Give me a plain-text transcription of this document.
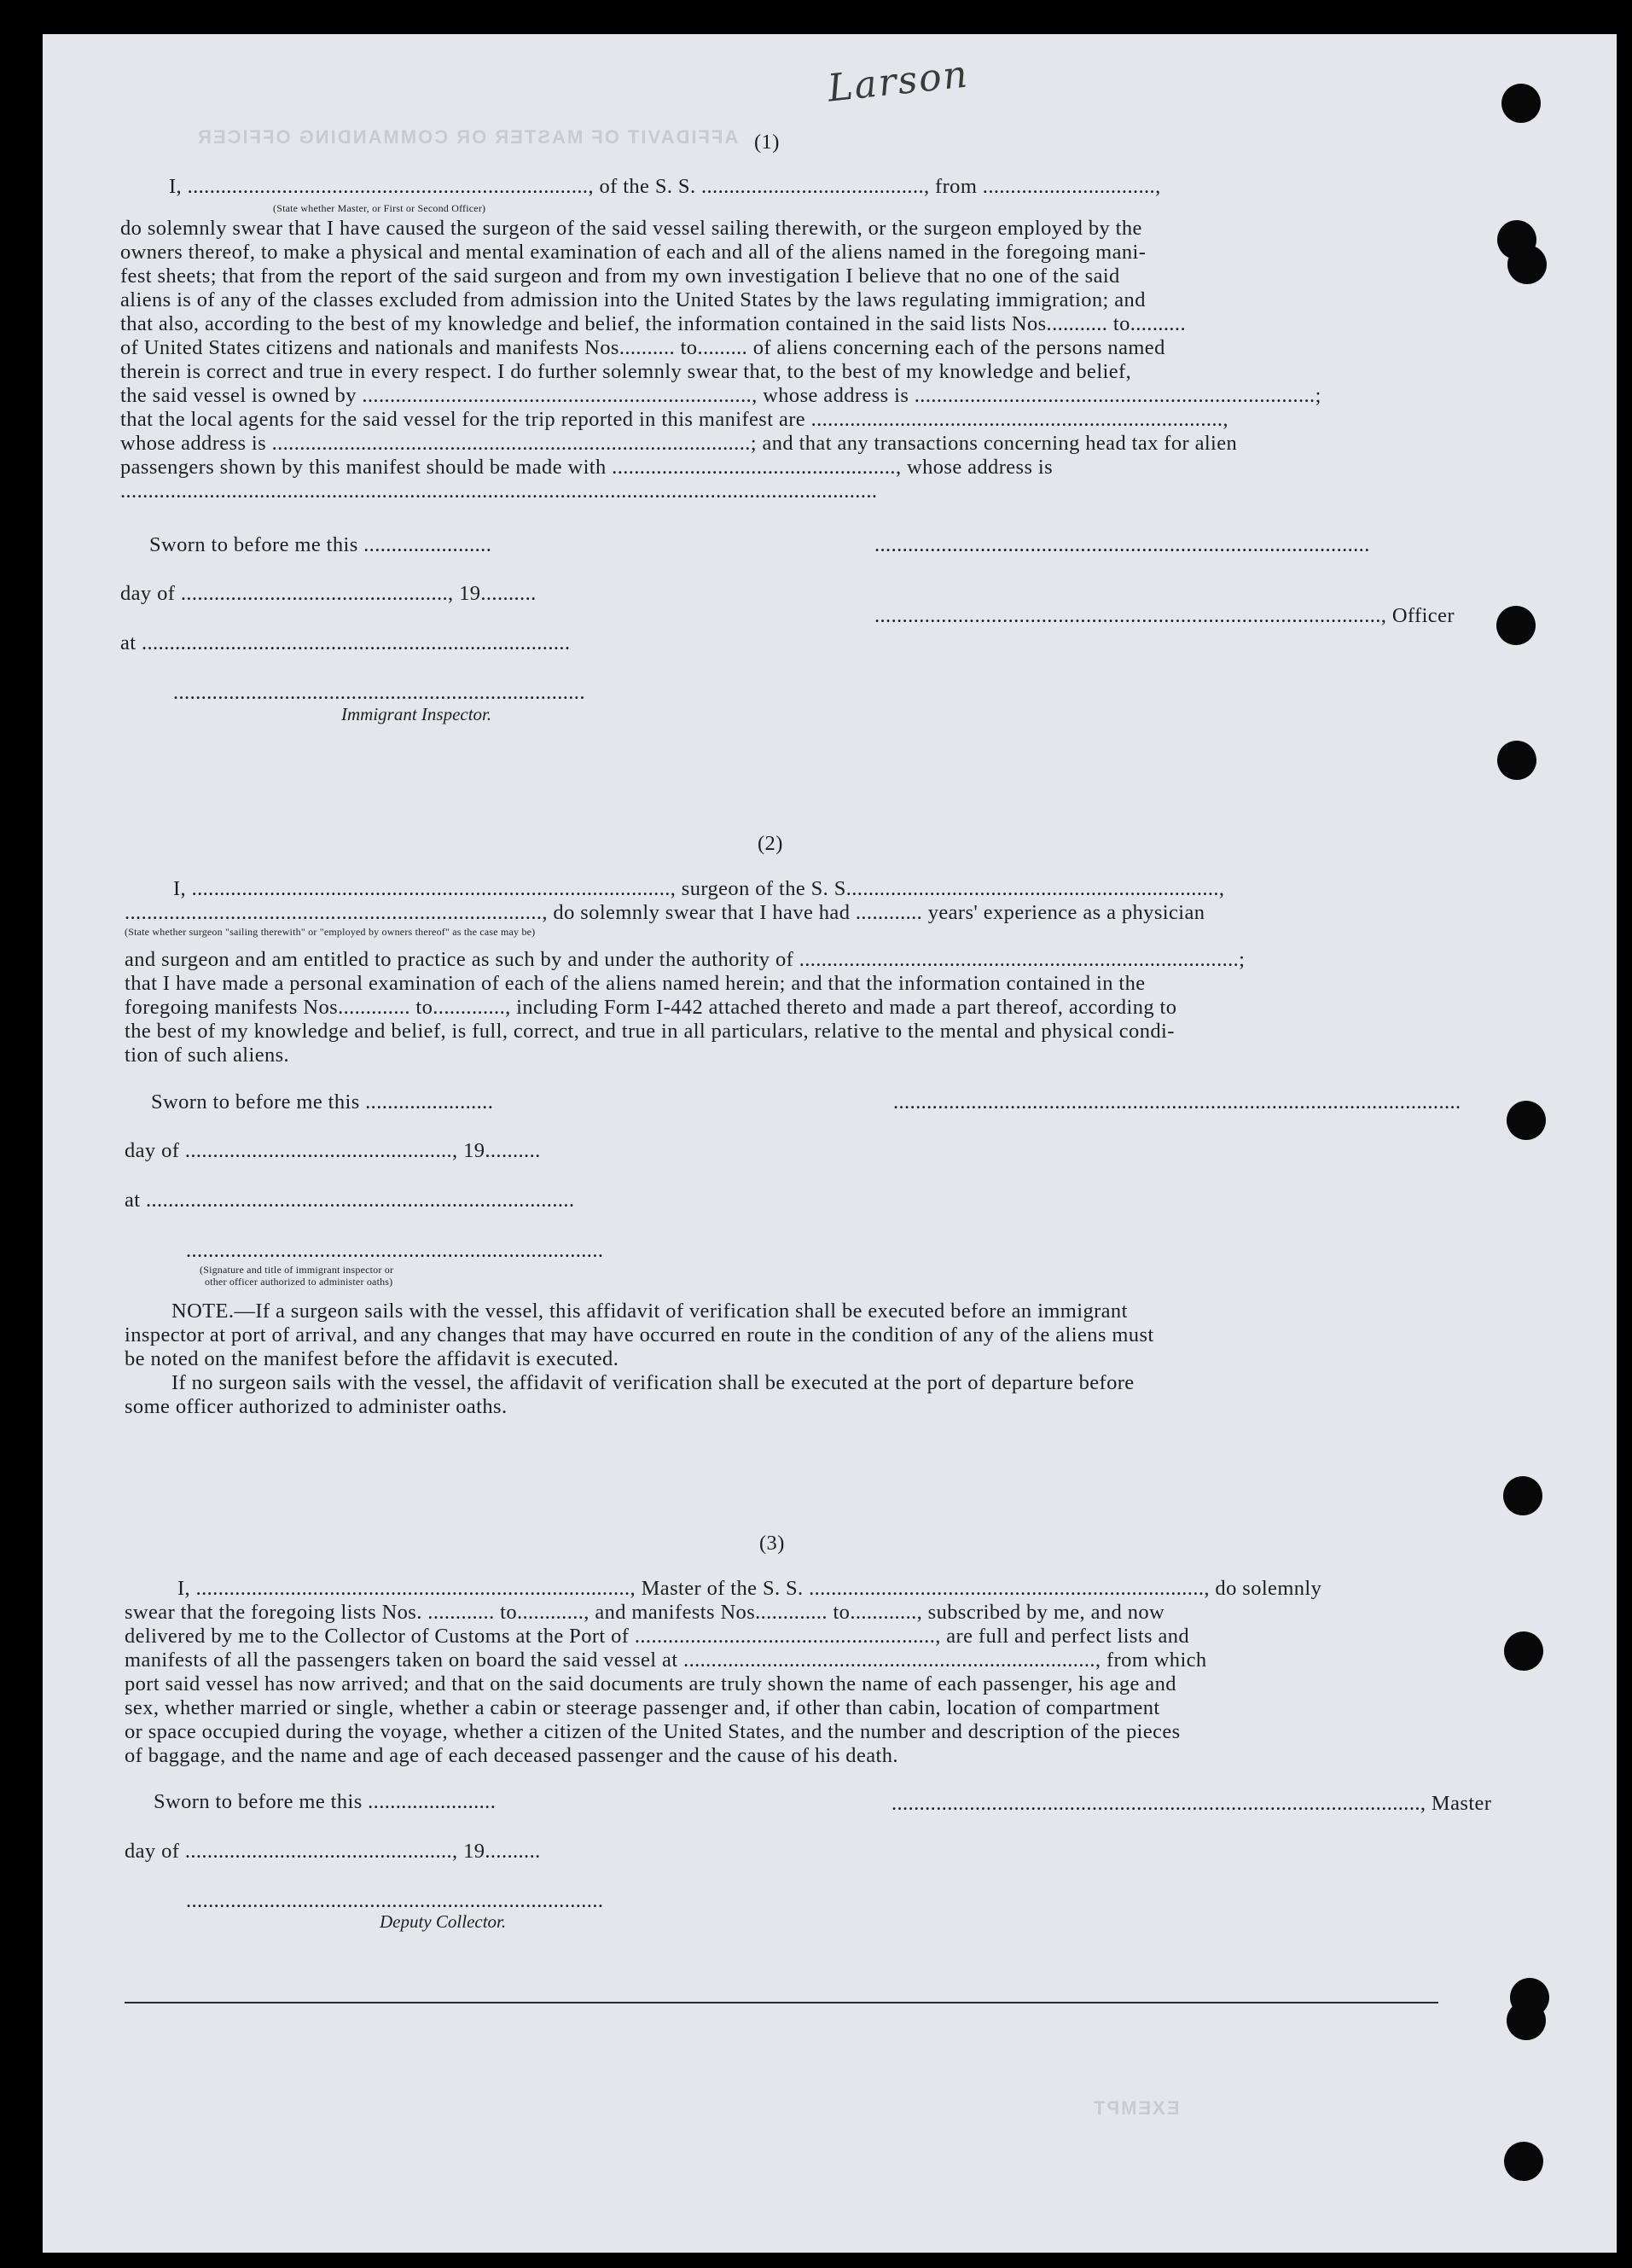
AFFIDAVIT OF MASTER OR COMMANDING OFFICER
EXEMPT
Larson
(1)
I, ........................................................................, of the S. S. ........................................, from ...............................,
(State whether Master, or First or Second Officer)
do solemnly swear that I have caused the surgeon of the said vessel sailing therewith, or the surgeon employed by the
owners thereof, to make a physical and mental examination of each and all of the aliens named in the foregoing mani-
fest sheets; that from the report of the said surgeon and from my own investigation I believe that no one of the said
aliens is of any of the classes excluded from admission into the United States by the laws regulating immigration; and
that also, according to the best of my knowledge and belief, the information contained in the said lists Nos........... to..........
of United States citizens and nationals and manifests Nos.......... to......... of aliens concerning each of the persons named
therein is correct and true in every respect. I do further solemnly swear that, to the best of my knowledge and belief,
the said vessel is owned by ......................................................................, whose address is ........................................................................;
that the local agents for the said vessel for the trip reported in this manifest are ..........................................................................,
whose address is ......................................................................................; and that any transactions concerning head tax for alien
passengers shown by this manifest should be made with ..................................................., whose address is
........................................................................................................................................
Sworn to before me this .......................	.........................................................................................
day of ................................................, 19..........
..........................................................................................., Officer
at .............................................................................
..........................................................................
Immigrant Inspector.
(2)
I, ......................................................................................, surgeon of the S. S...................................................................,
..........................................................................., do solemnly swear that I have had ............ years' experience as a physician
(State whether surgeon "sailing therewith" or "employed by owners thereof" as the case may be)
and surgeon and am entitled to practice as such by and under the authority of ...............................................................................;
that I have made a personal examination of each of the aliens named herein; and that the information contained in the
foregoing manifests Nos............. to............., including Form I-442 attached thereto and made a part thereof, according to
the best of my knowledge and belief, is full, correct, and true in all particulars, relative to the mental and physical condi-
tion of such aliens.
Sworn to before me this .......................	......................................................................................................
day of ................................................, 19..........
at .............................................................................
...........................................................................
(Signature and title of immigrant inspector or
other officer authorized to administer oaths)
NOTE.—If a surgeon sails with the vessel, this affidavit of verification shall be executed before an immigrant
inspector at port of arrival, and any changes that may have occurred en route in the condition of any of the aliens must
be noted on the manifest before the affidavit is executed.
If no surgeon sails with the vessel, the affidavit of verification shall be executed at the port of departure before
some officer authorized to administer oaths.
(3)
I, .............................................................................., Master of the S. S. ......................................................................., do solemnly
swear that the foregoing lists Nos. ............ to............, and manifests Nos............. to............, subscribed by me, and now
delivered by me to the Collector of Customs at the Port of ......................................................, are full and perfect lists and
manifests of all the passengers taken on board the said vessel at .........................................................................., from which
port said vessel has now arrived; and that on the said documents are truly shown the name of each passenger, his age and
sex, whether married or single, whether a cabin or steerage passenger and, if other than cabin, location of compartment
or space occupied during the voyage, whether a citizen of the United States, and the number and description of the pieces
of baggage, and the name and age of each deceased passenger and the cause of his death.
Sworn to before me this .......................	..............................................................................................., Master
day of ................................................, 19..........
...........................................................................
Deputy Collector.
